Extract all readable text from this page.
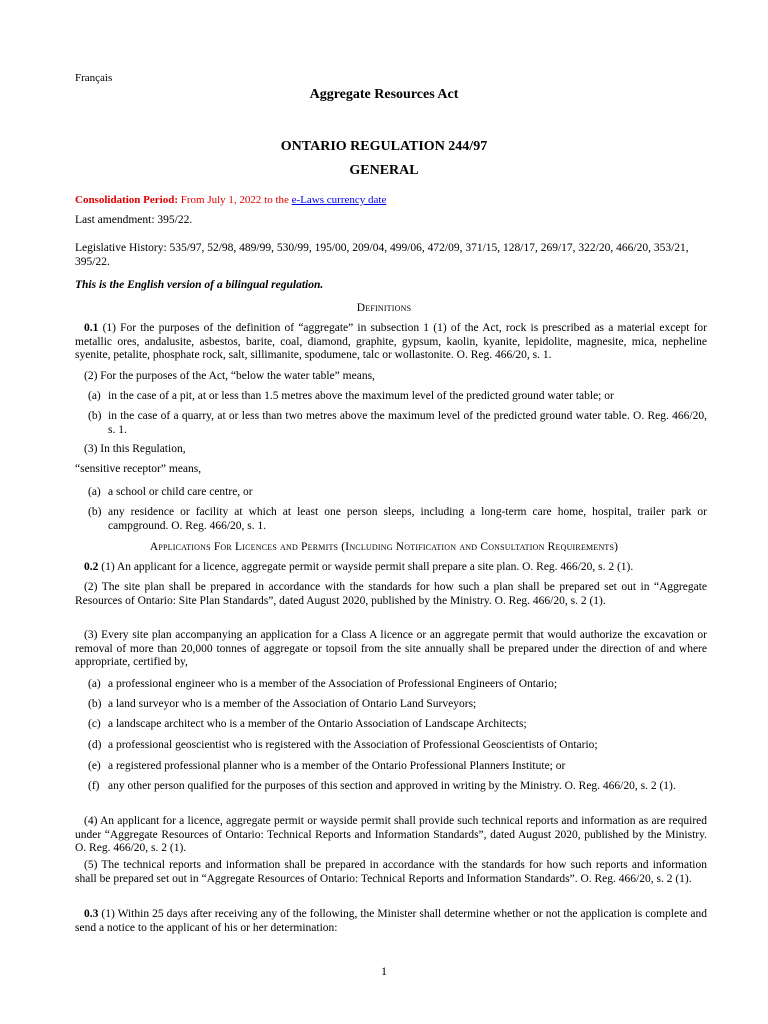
Français
Aggregate Resources Act
ONTARIO REGULATION 244/97
GENERAL
Consolidation Period: From July 1, 2022 to the e-Laws currency date
Last amendment: 395/22.
Legislative History: 535/97, 52/98, 489/99, 530/99, 195/00, 209/04, 499/06, 472/09, 371/15, 128/17, 269/17, 322/20, 466/20, 353/21, 395/22.
This is the English version of a bilingual regulation.
Definitions
0.1 (1) For the purposes of the definition of “aggregate” in subsection 1 (1) of the Act, rock is prescribed as a material except for metallic ores, andalusite, asbestos, barite, coal, diamond, graphite, gypsum, kaolin, kyanite, lepidolite, magnesite, mica, nepheline syenite, petalite, phosphate rock, salt, sillimanite, spodumene, talc or wollastonite. O. Reg. 466/20, s. 1.
(2) For the purposes of the Act, “below the water table” means,
(a) in the case of a pit, at or less than 1.5 metres above the maximum level of the predicted ground water table; or
(b) in the case of a quarry, at or less than two metres above the maximum level of the predicted ground water table. O. Reg. 466/20, s. 1.
(3) In this Regulation,
“sensitive receptor” means,
(a) a school or child care centre, or
(b) any residence or facility at which at least one person sleeps, including a long-term care home, hospital, trailer park or campground. O. Reg. 466/20, s. 1.
Applications For Licences and Permits (Including Notification and Consultation Requirements)
0.2 (1) An applicant for a licence, aggregate permit or wayside permit shall prepare a site plan. O. Reg. 466/20, s. 2 (1).
(2) The site plan shall be prepared in accordance with the standards for how such a plan shall be prepared set out in “Aggregate Resources of Ontario: Site Plan Standards”, dated August 2020, published by the Ministry. O. Reg. 466/20, s. 2 (1).
(3) Every site plan accompanying an application for a Class A licence or an aggregate permit that would authorize the excavation or removal of more than 20,000 tonnes of aggregate or topsoil from the site annually shall be prepared under the direction of and where appropriate, certified by,
(a) a professional engineer who is a member of the Association of Professional Engineers of Ontario;
(b) a land surveyor who is a member of the Association of Ontario Land Surveyors;
(c) a landscape architect who is a member of the Ontario Association of Landscape Architects;
(d) a professional geoscientist who is registered with the Association of Professional Geoscientists of Ontario;
(e) a registered professional planner who is a member of the Ontario Professional Planners Institute; or
(f) any other person qualified for the purposes of this section and approved in writing by the Ministry. O. Reg. 466/20, s. 2 (1).
(4) An applicant for a licence, aggregate permit or wayside permit shall provide such technical reports and information as are required under “Aggregate Resources of Ontario: Technical Reports and Information Standards”, dated August 2020, published by the Ministry. O. Reg. 466/20, s. 2 (1).
(5) The technical reports and information shall be prepared in accordance with the standards for how such reports and information shall be prepared set out in “Aggregate Resources of Ontario: Technical Reports and Information Standards”. O. Reg. 466/20, s. 2 (1).
0.3 (1) Within 25 days after receiving any of the following, the Minister shall determine whether or not the application is complete and send a notice to the applicant of his or her determination:
1
